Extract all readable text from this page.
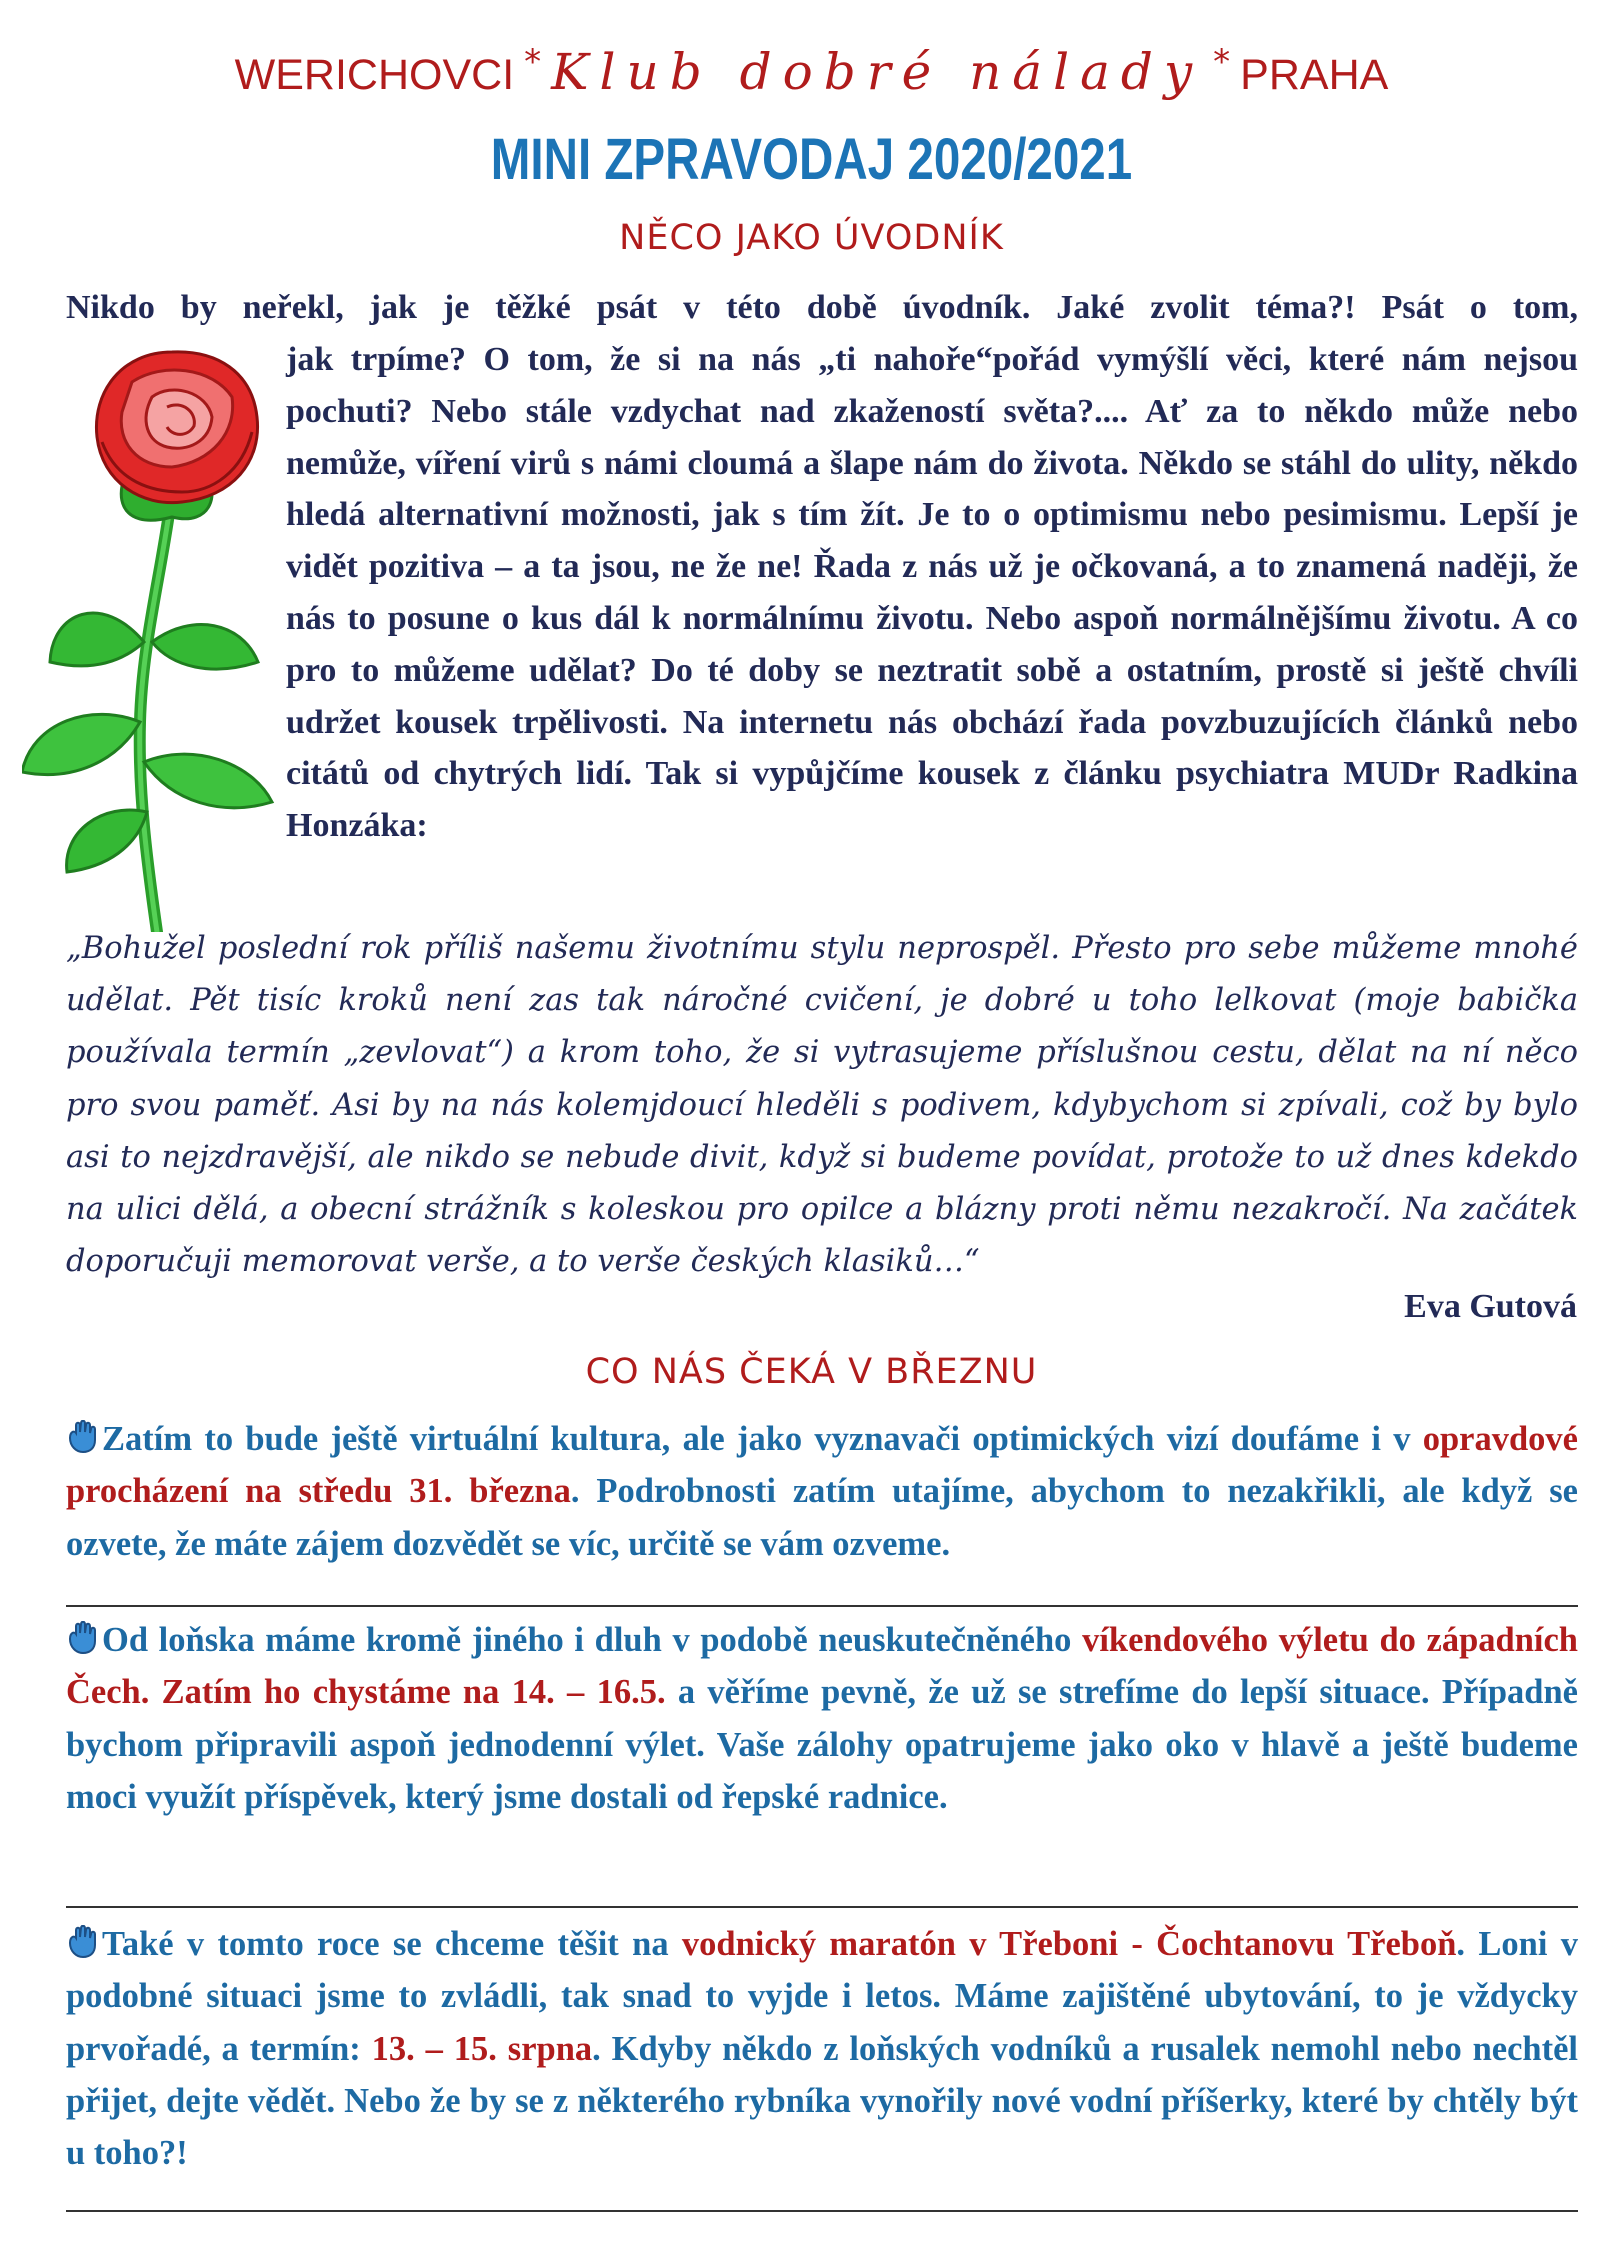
WERICHOVCI * Klub dobré nálady * PRAHA
MINI ZPRAVODAJ 2020/2021
NĚCO JAKO ÚVODNÍK

Nikdo by neřekl, jak je těžké psát v této době úvodník. Jaké zvolit téma?! Psát o tom,

jak trpíme? O tom, že si na nás „ti nahoře“pořád vymýšlí věci, které nám nejsou pochuti? Nebo stále vzdychat nad zkažeností světa?.... Ať za to někdo může nebo nemůže, víření virů s námi cloumá a šlape nám do života. Někdo se stáhl do ulity, někdo hledá alternativní možnosti, jak s tím žít. Je to o optimismu nebo pesimismu. Lepší je vidět pozitiva – a ta jsou, ne že ne! Řada z nás už je očkovaná, a to znamená naději, že nás to posune o kus dál k normálnímu životu. Nebo aspoň normálnějšímu životu. A co pro to můžeme udělat? Do té doby se neztratit sobě a ostatním, prostě si ještě chvíli udržet kousek trpělivosti. Na internetu nás obchází řada povzbuzujících článků nebo citátů od chytrých lidí. Tak si vypůjčíme kousek z článku psychiatra MUDr Radkina Honzáka:

„Bohužel poslední rok příliš našemu životnímu stylu neprospěl. Přesto pro sebe můžeme mnohé udělat. Pět tisíc kroků není zas tak náročné cvičení, je dobré u toho lelkovat (moje babička používala termín „zevlovat“) a krom toho, že si vytrasujeme příslušnou cestu, dělat na ní něco pro svou paměť. Asi by na nás kolemjdoucí hleděli s podivem, kdybychom si zpívali, což by bylo asi to nejzdravější, ale nikdo se nebude divit, když si budeme povídat, protože to už dnes kdekdo na ulici dělá, a obecní strážník s koleskou pro opilce a blázny proti němu nezakročí. Na začátek doporučuji memorovat verše, a to verše českých klasiků…“

Eva Gutová
CO NÁS ČEKÁ V BŘEZNU

Zatím to bude ještě virtuální kultura, ale jako vyznavači optimických vizí doufáme i v opravdové procházení na středu 31. března. Podrobnosti zatím utajíme, abychom to nezakřikli, ale když se ozvete, že máte zájem dozvědět se víc, určitě se vám ozveme.

Od loňska máme kromě jiného i dluh v podobě neuskutečněného víkendového výletu do západních Čech. Zatím ho chystáme na 14. – 16.5. a věříme pevně, že už se strefíme do lepší situace. Případně bychom připravili aspoň jednodenní výlet. Vaše zálohy opatrujeme jako oko v hlavě a ještě budeme moci využít příspěvek, který jsme dostali od řepské radnice.

Také v tomto roce se chceme těšit na vodnický maratón v Třeboni - Čochtanovu Třeboň. Loni v podobné situaci jsme to zvládli, tak snad to vyjde i letos. Máme zajištěné ubytování, to je vždycky prvořadé, a termín: 13. – 15. srpna. Kdyby někdo z loňských vodníků a rusalek nemohl nebo nechtěl přijet, dejte vědět. Nebo že by se z některého rybníka vynořily nové vodní příšerky, které by chtěly být u toho?!
